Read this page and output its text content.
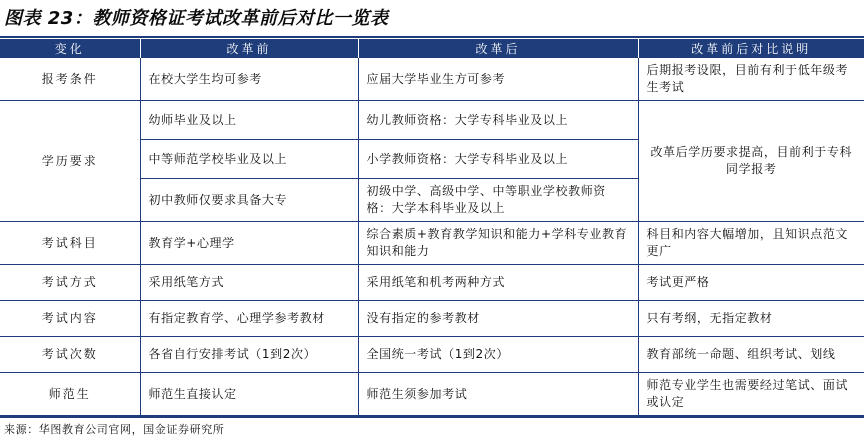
图表 23：教师资格证考试改革前后对比一览表
变化	改革前	改革后	改革前后对比说明
报考条件	在校大学生均可参考	应届大学毕业生方可参考	后期报考设限，目前有利于低年级考生考试
学历要求	幼师毕业及以上	幼儿教师资格：大学专科毕业及以上	改革后学历要求提高，目前利于专科同学报考
	中等师范学校毕业及以上	小学教师资格：大学专科毕业及以上	
	初中教师仅要求具备大专	初级中学、高级中学、中等职业学校教师资格：大学本科毕业及以上	
考试科目	教育学+心理学	综合素质+教育教学知识和能力+学科专业教育知识和能力	科目和内容大幅增加，且知识点范文更广
考试方式	采用纸笔方式	采用纸笔和机考两种方式	考试更严格
考试内容	有指定教育学、心理学参考教材	没有指定的参考教材	只有考纲，无指定教材
考试次数	各省自行安排考试（1到2次）	全国统一考试（1到2次）	教育部统一命题、组织考试、划线
师范生	师范生直接认定	师范生须参加考试	师范专业学生也需要经过笔试、面试或认定
来源：华图教育公司官网，国金证券研究所
